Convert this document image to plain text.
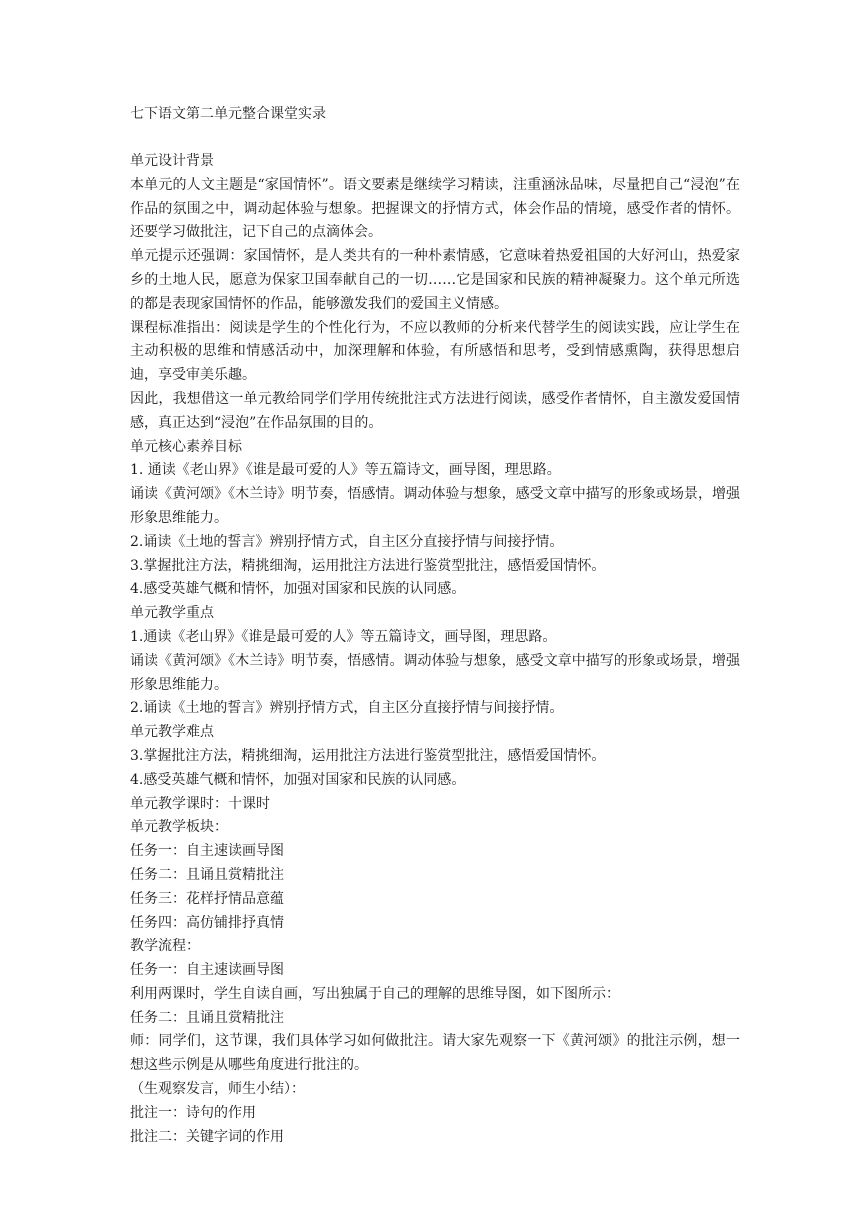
七下语文第二单元整合课堂实录

单元设计背景

本单元的人文主题是“家国情怀”。语文要素是继续学习精读，注重涵泳品味，尽量把自己“浸泡”在作品的氛围之中，调动起体验与想象。把握课文的抒情方式，体会作品的情境，感受作者的情怀。还要学习做批注，记下自己的点滴体会。

单元提示还强调：家国情怀，是人类共有的一种朴素情感，它意味着热爱祖国的大好河山，热爱家乡的土地人民，愿意为保家卫国奉献自己的一切……它是国家和民族的精神凝聚力。这个单元所选的都是表现家国情怀的作品，能够激发我们的爱国主义情感。

课程标准指出：阅读是学生的个性化行为，不应以教师的分析来代替学生的阅读实践，应让学生在主动积极的思维和情感活动中，加深理解和体验，有所感悟和思考，受到情感熏陶，获得思想启迪，享受审美乐趣。

因此，我想借这一单元教给同学们学用传统批注式方法进行阅读，感受作者情怀，自主激发爱国情感，真正达到“浸泡”在作品氛围的目的。

单元核心素养目标

1. 通读《老山界》《谁是最可爱的人》等五篇诗文，画导图，理思路。

诵读《黄河颂》《木兰诗》明节奏，悟感情。调动体验与想象，感受文章中描写的形象或场景，增强形象思维能力。

2.诵读《土地的誓言》辨别抒情方式，自主区分直接抒情与间接抒情。

3.掌握批注方法，精挑细淘，运用批注方法进行鉴赏型批注，感悟爱国情怀。

4.感受英雄气概和情怀，加强对国家和民族的认同感。

单元教学重点

1.通读《老山界》《谁是最可爱的人》等五篇诗文，画导图，理思路。

诵读《黄河颂》《木兰诗》明节奏，悟感情。调动体验与想象，感受文章中描写的形象或场景，增强形象思维能力。

2.诵读《土地的誓言》辨别抒情方式，自主区分直接抒情与间接抒情。

单元教学难点

3.掌握批注方法，精挑细淘，运用批注方法进行鉴赏型批注，感悟爱国情怀。

4.感受英雄气概和情怀，加强对国家和民族的认同感。

单元教学课时：十课时

单元教学板块：

任务一：自主速读画导图

任务二：且诵且赏精批注

任务三：花样抒情品意蕴

任务四：高仿铺排抒真情

教学流程：

任务一：自主速读画导图

利用两课时，学生自读自画，写出独属于自己的理解的思维导图，如下图所示：

任务二：且诵且赏精批注

师：同学们，这节课，我们具体学习如何做批注。请大家先观察一下《黄河颂》的批注示例，想一想这些示例是从哪些角度进行批注的。

（生观察发言，师生小结）：

批注一：诗句的作用

批注二：关键字词的作用
